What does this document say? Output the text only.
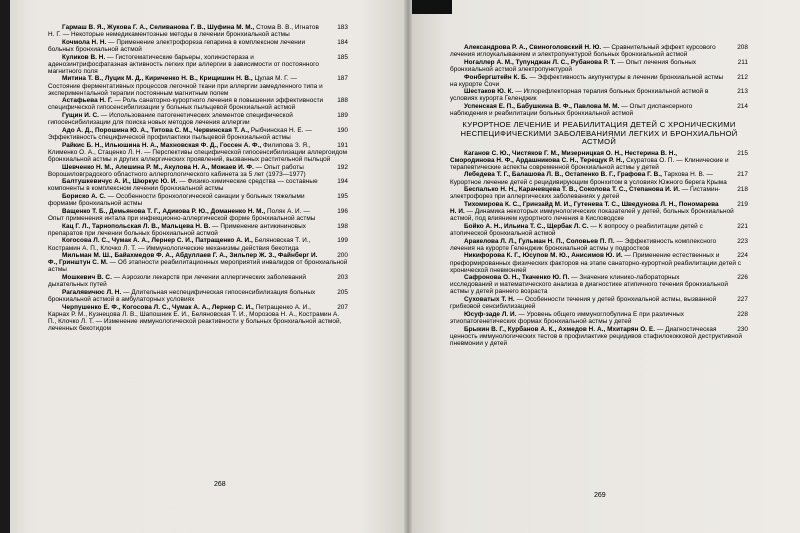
183
Гармаш В. Я., Жукова Г. А., Селиванова Г. В., Шуфина М. М., Стома В. В., Игнатов Н. Г. — Некоторые немедикаментозные методы в лечении бронхиальной астмы
184
Кочмола Н. Н. — Применение электрофореза гепарина в комплексном лечении больных бронхиальной астмой
185
Куликов В. Н. — Гистогематические барьеры, холинэстераза и аденозинтрифосфатазная активность легких при аллергии в зависимости от постоянного магнитного поля
187
Митина Т. В., Луцик М. Д., Кириченко Н. В., Крищишин Н. В., Цулая М. Г. — Состояние ферментативных процессов легочной ткани при аллергии замедленного типа и экспериментальной терапии постоянным магнитным полем
188
Астафьева Н. Г. — Роль санаторно-курортного лечения в повышении эффективности специфической гипосенсибилизации у больных пыльцевой бронхиальной астмой
189
Гущин И. С. — Использование патогенетических элементов специфической гипосенсибилизации для поиска новых методов лечения аллергии
190
Адо А. Д., Порошина Ю. А., Титова С. М., Червинская Т. А., Рыбчинская Н. Е. — Эффективность специфической профилактики пыльцевой бронхиальной астмы
191
Райкис Б. Н., Ильюшина Н. А., Махновская Ф. Д., Госсен А. Ф., Филипова З. Я., Клименко О. А., Стаценко Л. Н. — Перспективы специфической гипосенсибилизации аллергоидом бронхиальной астмы и других аллергических проявлений, вызванных растительной пыльцой
192
Шевченко Н. М., Алешина Р. М., Акулова Н. А., Можаев И. Ф. — Опыт работы Ворошиловградского областного аллергологического кабинета за 5 лет (1973—1977)
194
Балтушкевичус А. И., Шюркус Ю. И. — Физико-химические средства — составные компоненты в комплексном лечении бронхиальной астмы
195
Бориско А. С. — Особенности бронхологической санации у больных тяжелыми формами бронхиальной астмы
196
Ващенко Т. Б., Демьянова Т. Г., Адикова Р. Ю., Доманенко Н. М., Поляк А. И. — Опыт применения интала при инфекционно-аллергической форме бронхиальной астмы
198
Кац Г. Л., Тарнопольская Л. В., Мальцева Н. В. — Применение антикининовых препаратов при лечении больных бронхиальной астмой
199
Когосова Л. С., Чумак А. А., Лернер С. И., Патращенко А. И., Беляновская Т. И., Кострамин А. П., Клочко Л. Т. — Иммунологические механизмы действия бекотида
200
Мильман М. Ш., Байахмедов Ф. А., Абдуллаев Г. А., Зильпер Ж. З., Файнберг И. Ф., Гринштун С. М. — Об этапности реабилитационных мероприятий инвалидов от бронхиальной астмы
203
Мошкевич В. С. — Аэрозоли лекарств при лечении аллергических заболеваний дыхательных путей
205
Рагалявичюс Л. Н. — Длительная неспецифическая гипосенсибилизация больных бронхиальной астмой в амбулаторных условиях
207
Черпушенко Е. Ф., Когосова Л. С., Чумак А. А., Лернер С. И., Петращенко А. И., Карнах Р. М., Кузнецова Л. В., Шапошник Е. И., Беляновская Т. И., Морозова Н. А., Кострамин А. П., Клочко Л. Т. — Изменение иммунологической реактивности у больных бронхиальной астмой, леченных бекотидом
208
Александрова Р. А., Свиноголовский Н. Ю. — Сравнительный эффект курсового лечения иглоукалыванием и электропунктурой больных бронхиальной астмой
211
Ногаллер А. М., Тупунджан Л. С., Рубанова Р. Т. — Опыт лечения больных бронхиальной астмой электропунктурой
212
Фонбергштейн К. Б. — Эффективность акупунктуры в лечении бронхиальной астмы на курорте Сочи
213
Шестаков Ю. К. — Иглорефлекторная терапия больных бронхиальной астмой в условиях курорта Геленджик
214
Успенская Е. П., Бабушкина В. Ф., Павлова М. М. — Опыт диспансерного наблюдения и реабилитации больных бронхиальной астмой
КУРОРТНОЕ ЛЕЧЕНИЕ И РЕАБИЛИТАЦИЯ ДЕТЕЙ С ХРОНИЧЕСКИМИ НЕСПЕЦИФИЧЕСКИМИ ЗАБОЛЕВАНИЯМИ ЛЕГКИХ И БРОНХИАЛЬНОЙ АСТМОЙ
215
Каганов С. Ю., Чистяков Г. М., Мизерницкая О. Н., Нестерина В. Н., Смородинова Н. Ф., Ардашникова С. Н., Терещук Р. Н., Скуратова О. П. — Клинические и терапевтические аспекты современной бронхиальной астмы у детей
217
Лебедева Т. Г., Балашова Л. В., Остапенко В. Г., Графова Г. В., Тархова Н. В. — Курортное лечение детей с рецидивирующим бронхитом в условиях Южного берега Крыма
218
Беспалько Н. Н., Карачевцева Т. В., Соколова Т. С., Степанова И. И. — Гистамин-электрофорез при аллергических заболеваниях у детей
219
Тихомирова К. С., Гринзайд М. И., Гутенева Т. С., Шведунова Л. Н., Пономарева Н. И. — Динамика некоторых иммунологических показателей у детей, больных бронхиальной астмой, под влиянием курортного лечения в Кисловодске
221
Бойко А. Н., Ильина Т. С., Щербак Л. С. — К вопросу о реабилитации детей с атопической бронхиальной астмой
223
Аракелова Л. Л., Гульман Н. П., Соловьев П. П. — Эффективность комплексного лечения на курорте Геленджик бронхиальной астмы у подростков
224
Никифорова К. Г., Юсупов М. Ю., Анисимов Ю. И. — Применение естественных и преформированных физических факторов на этапе санаторно-курортной реабилитации детей с хронической пневмонией
226
Сафронова О. Н., Ткаченко Ю. П. — Значение клинико-лабораторных исследований и математического анализа в диагностике атипичного течения бронхиальной астмы у детей раннего возраста
227
Суховатых Т. Н. — Особенности течения у детей бронхиальной астмы, вызванной грибковой сенсибилизацией
228
Юсуф-заде Л. И. — Уровень общего иммуноглобулина E при различных этиопатогенетических формах бронхиальной астмы у детей
230
Брыкин В. Г., Курбанов А. К., Ахмедов Н. А., Мхитарян О. Е. — Диагностическая ценность иммунологических тестов в профилактике рецидивов стафилококковой деструктивной пневмонии у детей
268
269
